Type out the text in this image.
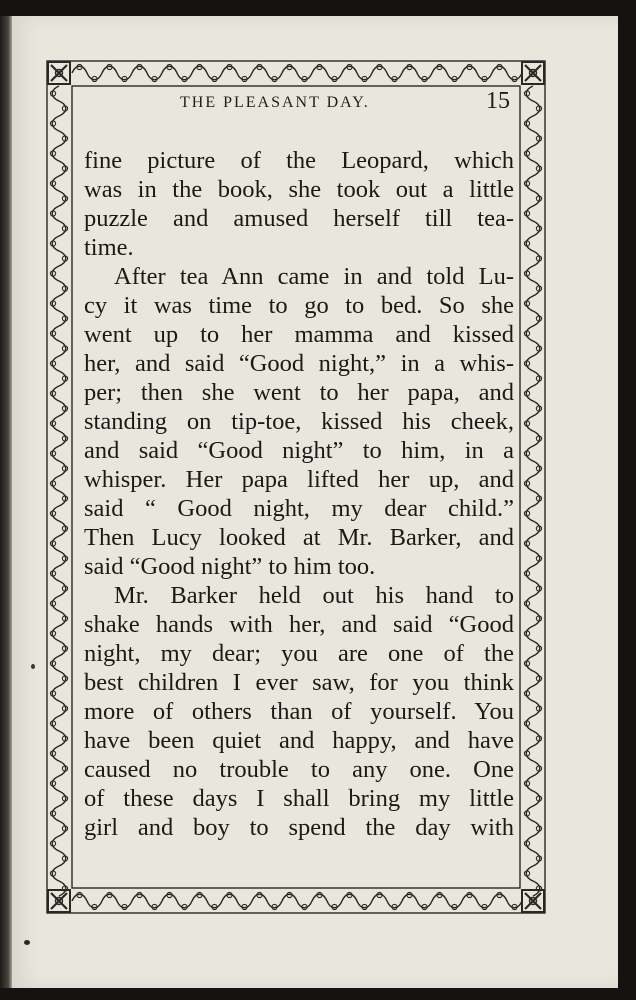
THE PLEASANT DAY.	15
fine picture of the Leopard, which
was in the book, she took out a little
puzzle and amused herself till tea-
time.
After tea Ann came in and told Lu-
cy it was time to go to bed. So she
went up to her mamma and kissed
her, and said “Good night,” in a whis-
per; then she went to her papa, and
standing on tip-toe, kissed his cheek,
and said “Good night” to him, in a
whisper. Her papa lifted her up, and
said “ Good night, my dear child.”
Then Lucy looked at Mr. Barker, and
said “Good night” to him too.
Mr. Barker held out his hand to
shake hands with her, and said “Good
night, my dear; you are one of the
best children I ever saw, for you think
more of others than of yourself. You
have been quiet and happy, and have
caused no trouble to any one. One
of these days I shall bring my little
girl and boy to spend the day with
